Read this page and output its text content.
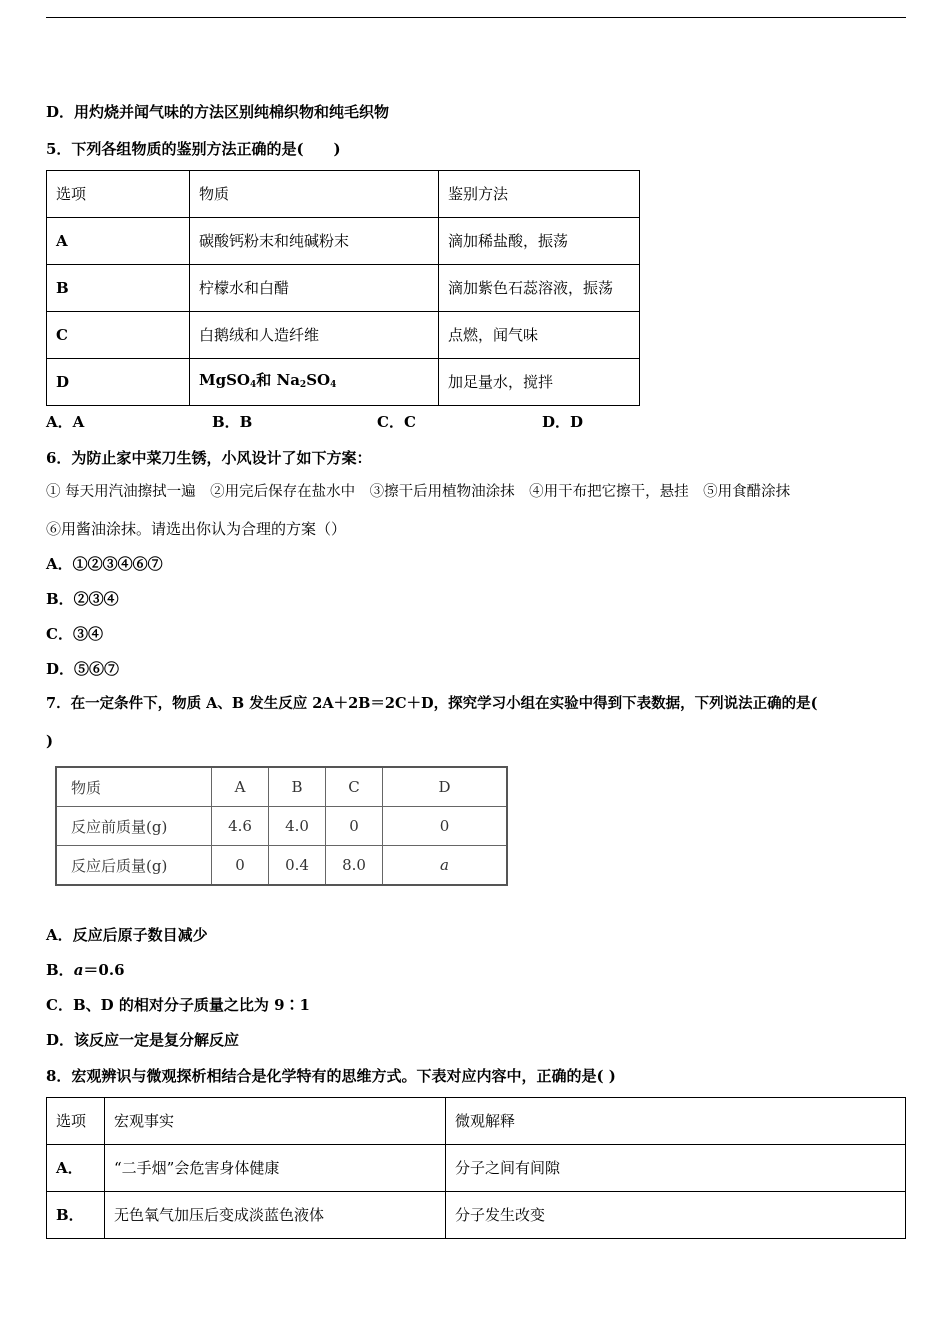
D．用灼烧并闻气味的方法区别纯棉织物和纯毛织物
5．下列各组物质的鉴别方法正确的是(　　)
选项	物质	鉴别方法
A	碳酸钙粉末和纯碱粉末	滴加稀盐酸，振荡
B	柠檬水和白醋	滴加紫色石蕊溶液，振荡
C	白鹅绒和人造纤维	点燃，闻气味
D	MgSO$_4$和 $Na_2SO_4$	加足量水，搅拌
A．A	B．B	C．C	D．D
6．为防止家中菜刀生锈，小风设计了如下方案：
① 每天用汽油擦拭一遍　②用完后保存在盐水中　③擦干后用植物油涂抹　④用干布把它擦干，悬挂　⑤用食醋涂抹
⑥用酱油涂抹。请选出你认为合理的方案（）
A．①②③④⑥⑦
B．②③④
C．③④
D．⑤⑥⑦
7．在一定条件下，物质 A、B 发生反应 2A＋2B＝2C＋D，探究学习小组在实验中得到下表数据，下列说法正确的是(
)
物质	A	B	C	D
反应前质量(g)	4.6	4.0	0	0
反应后质量(g)	0	0.4	8.0	a
A．反应后原子数目减少
B．a＝0.6
C．B、D 的相对分子质量之比为 9∶1
D．该反应一定是复分解反应
8．宏观辨识与微观探析相结合是化学特有的思维方式。下表对应内容中，正确的是( )
选项	宏观事实	微观解释
A．	“二手烟”会危害身体健康	分子之间有间隙
B．	无色氧气加压后变成淡蓝色液体	分子发生改变
